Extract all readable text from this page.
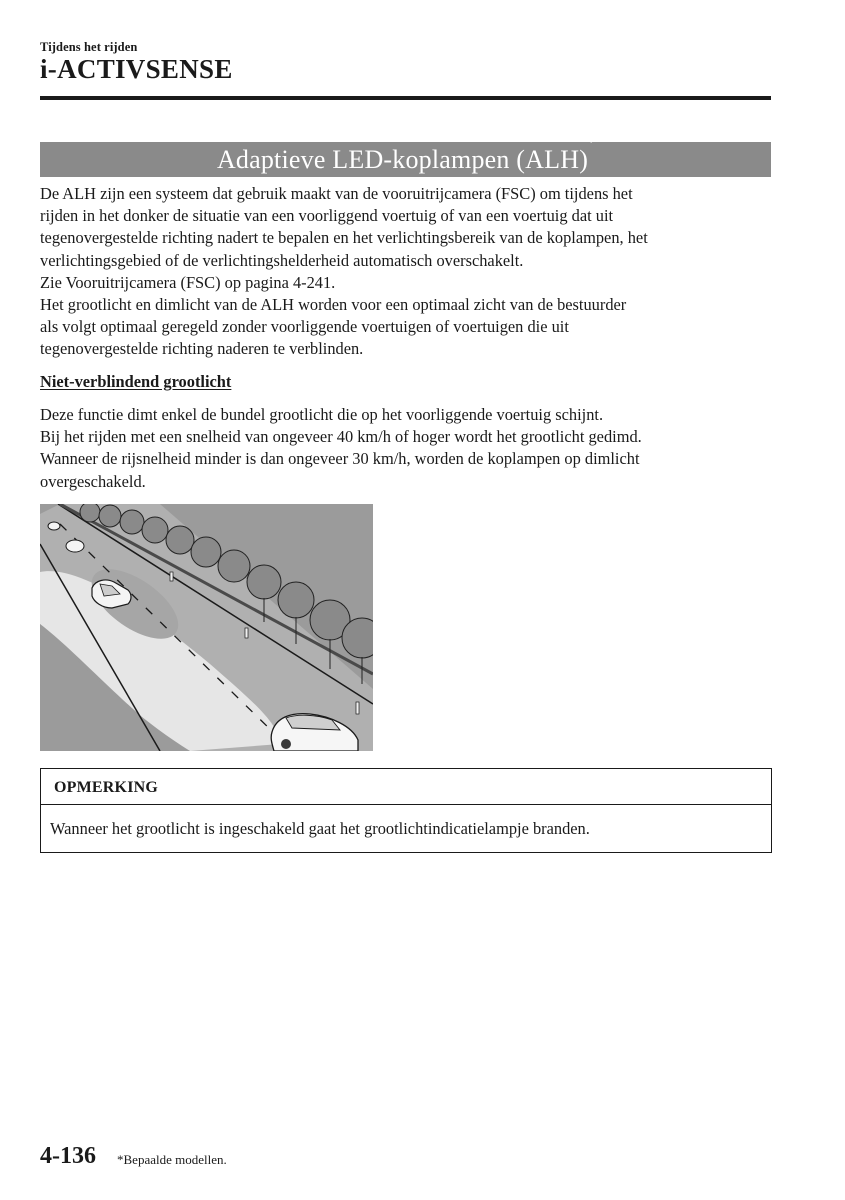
Tijdens het rijden
i-ACTIVSENSE
Adaptieve LED-koplampen (ALH)*

De ALH zijn een systeem dat gebruik maakt van de vooruitrijcamera (FSC) om tijdens het

rijden in het donker de situatie van een voorliggend voertuig of van een voertuig dat uit

tegenovergestelde richting nadert te bepalen en het verlichtingsbereik van de koplampen, het

verlichtingsgebied of de verlichtingshelderheid automatisch overschakelt.

Zie Vooruitrijcamera (FSC) op pagina 4-241.

Het grootlicht en dimlicht van de ALH worden voor een optimaal zicht van de bestuurder

als volgt optimaal geregeld zonder voorliggende voertuigen of voertuigen die uit

tegenovergestelde richting naderen te verblinden.

Niet-verblindend grootlicht

Deze functie dimt enkel de bundel grootlicht die op het voorliggende voertuig schijnt.

Bij het rijden met een snelheid van ongeveer 40 km/h of hoger wordt het grootlicht gedimd.

Wanneer de rijsnelheid minder is dan ongeveer 30 km/h, worden de koplampen op dimlicht

overgeschakeld.

OPMERKING
Wanneer het grootlicht is ingeschakeld gaat het grootlichtindicatielampje branden.
4-136 *Bepaalde modellen.
